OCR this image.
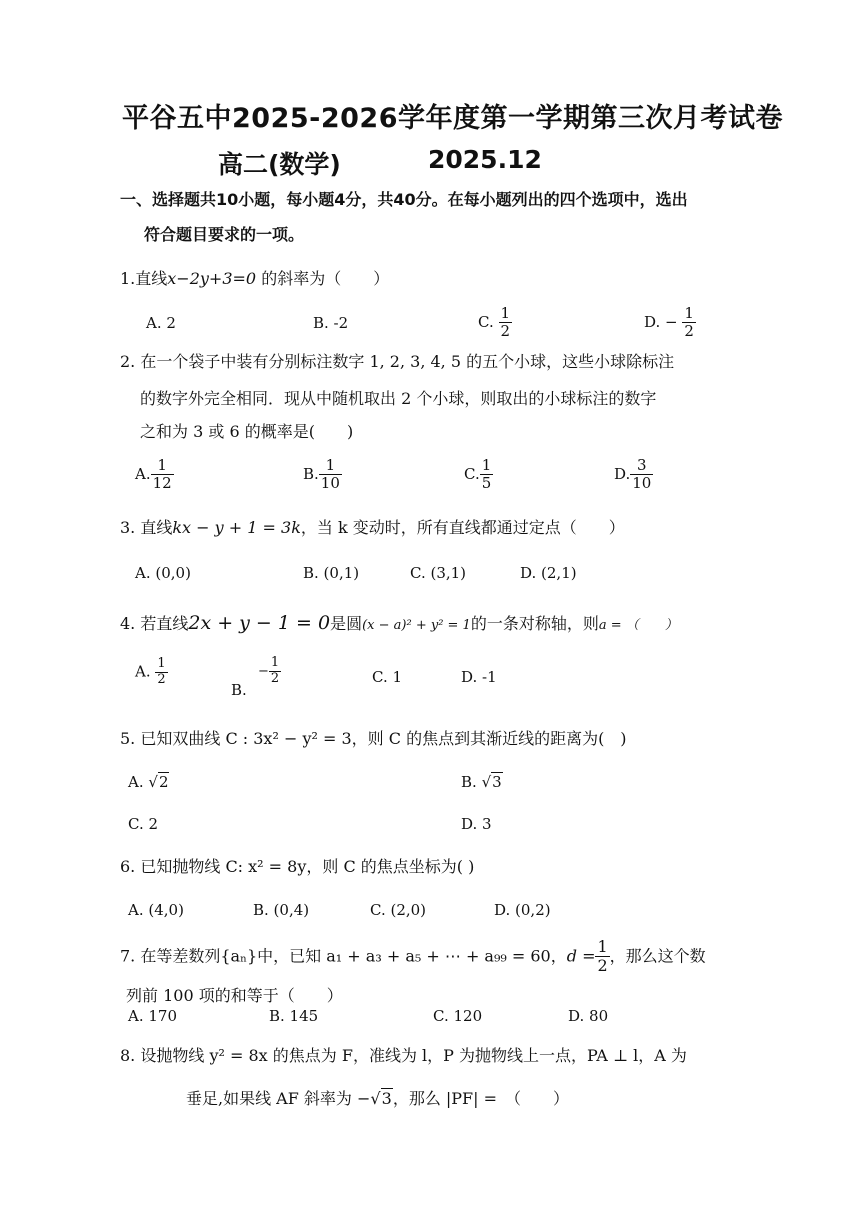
平谷五中2025-2026学年度第一学期第三次月考试卷
高二(数学)	2025.12
一、选择题共10小题，每小题4分，共40分。在每小题列出的四个选项中，选出
符合题目要求的一项。
1.直线x−2y+3=0 的斜率为（　　）
A. 2	B. -2	C. $\frac{1}{2}$	D. − $\frac{1}{2}$
2. 在一个袋子中装有分别标注数字 1, 2, 3, 4, 5 的五个小球，这些小球除标注
的数字外完全相同．现从中随机取出 2 个小球，则取出的小球标注的数字
之和为 3 或 6 的概率是(　　)
A. $\frac{1}{12}$	B. $\frac{1}{10}$	C. $\frac{1}{5}$	D. $\frac{3}{10}$
3. 直线kx − y + 1 = 3k，当 k 变动时，所有直线都通过定点（　　）
A. (0,0)	B. (0,1)	C. (3,1)	D. (2,1)
4. 若直线2x + y − 1 = 0是圆(x − a)² + y² = 1的一条对称轴，则a = （　　）
A. $\frac{1}{2}$
B.
− $\frac{1}{2}$	C. 1	D. -1
5. 已知双曲线 C : 3x² − y² = 3，则 C 的焦点到其渐近线的距离为(　)
A. √2	B. √3
C. 2	D. 3
6. 已知抛物线 C: x² = 8y，则 C 的焦点坐标为( )
A. (4,0)	B. (0,4)	C. (2,0)	D. (0,2)
7. 在等差数列{aₙ}中，已知 a₁ + a₃ + a₅ + ⋯ + a₉₉ = 60，$d = \frac{1}{2}$ ，那么这个数
列前 100 项的和等于（　　）
A. 170	B. 145	C. 120	D. 80
8. 设抛物线 y² = 8x 的焦点为 F，准线为 l，P 为抛物线上一点，PA ⊥ l，A 为
垂足,如果线 AF 斜率为 −√3，那么 |PF| =　（　　）
